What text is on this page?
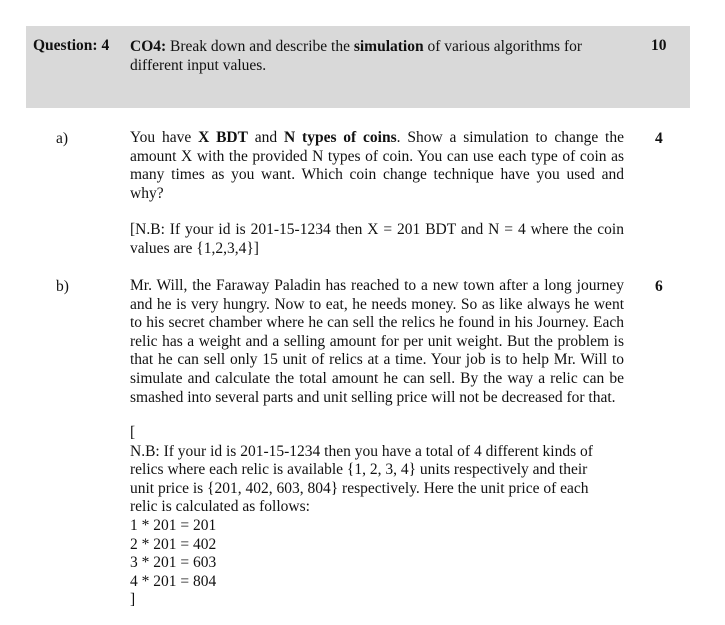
Question: 4 CO4: Break down and describe the simulation of various algorithms for different input values.
10
a)	4

You have X BDT and N types of coins. Show a simulation to change the amount X with the provided N types of coin. You can use each type of coin as many times as you want. Which coin change technique have you used and why?

[N.B: If your id is 201-15-1234 then X = 201 BDT and N = 4 where the coin values are {1,2,3,4}]

b)	6

Mr. Will, the Faraway Paladin has reached to a new town after a long journey and he is very hungry. Now to eat, he needs money. So as like always he went to his secret chamber where he can sell the relics he found in his Journey. Each relic has a weight and a selling amount for per unit weight. But the problem is that he can sell only 15 unit of relics at a time. Your job is to help Mr. Will to simulate and calculate the total amount he can sell. By the way a relic can be smashed into several parts and unit selling price will not be decreased for that.

[
N.B: If your id is 201-15-1234 then you have a total of 4 different kinds of relics where each relic is available {1, 2, 3, 4} units respectively and their unit price is {201, 402, 603, 804} respectively. Here the unit price of each relic is calculated as follows:
1 * 201 = 201
2 * 201 = 402
3 * 201 = 603
4 * 201 = 804
]
